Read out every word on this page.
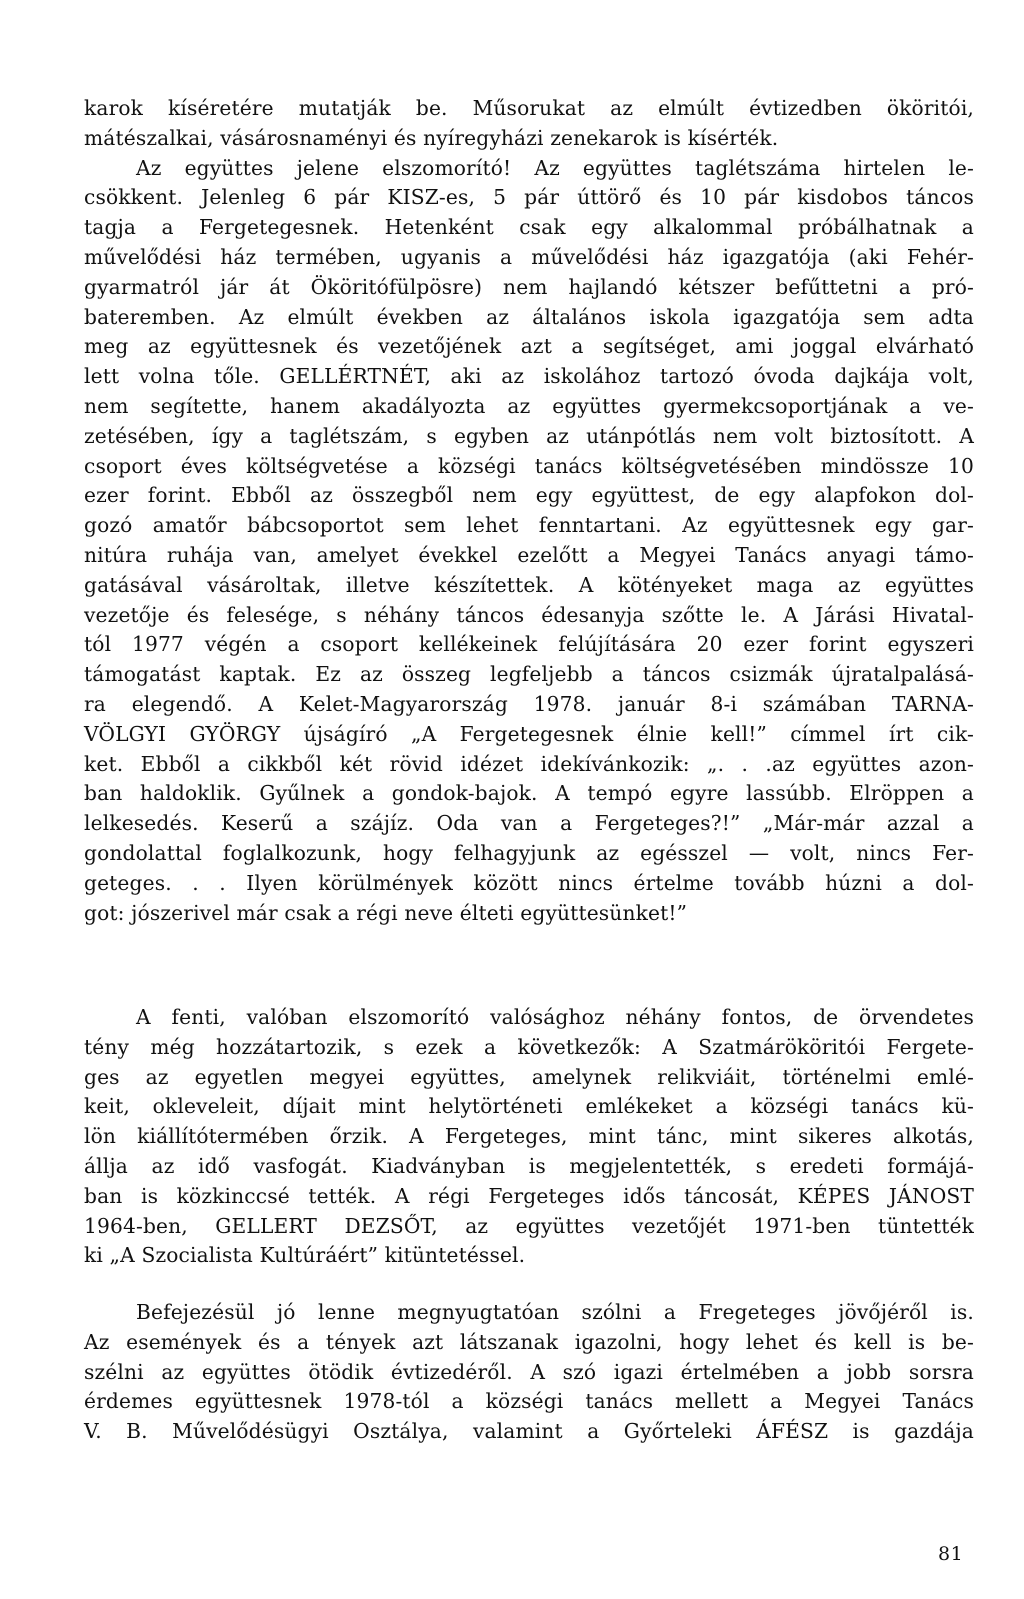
karok kíséretére mutatják be. Műsorukat az elmúlt évtizedben ököritói,
mátészalkai, vásárosnaményi és nyíregyházi zenekarok is kísérték.
Az együttes jelene elszomorító! Az együttes taglétszáma hirtelen le-
csökkent. Jelenleg 6 pár KISZ-es, 5 pár úttörő és 10 pár kisdobos táncos
tagja a Fergetegesnek. Hetenként csak egy alkalommal próbálhatnak a
művelődési ház termében, ugyanis a művelődési ház igazgatója (aki Fehér-
gyarmatról jár át Ököritófülpösre) nem hajlandó kétszer befűttetni a pró-
bateremben. Az elmúlt években az általános iskola igazgatója sem adta
meg az együttesnek és vezetőjének azt a segítséget, ami joggal elvárható
lett volna tőle. GELLÉRTNÉT, aki az iskolához tartozó óvoda dajkája volt,
nem segítette, hanem akadályozta az együttes gyermekcsoportjának a ve-
zetésében, így a taglétszám, s egyben az utánpótlás nem volt biztosított. A
csoport éves költségvetése a községi tanács költségvetésében mindössze 10
ezer forint. Ebből az összegből nem egy együttest, de egy alapfokon dol-
gozó amatőr bábcsoportot sem lehet fenntartani. Az együttesnek egy gar-
nitúra ruhája van, amelyet évekkel ezelőtt a Megyei Tanács anyagi támo-
gatásával vásároltak, illetve készítettek. A kötényeket maga az együttes
vezetője és felesége, s néhány táncos édesanyja szőtte le. A Járási Hivatal-
tól 1977 végén a csoport kellékeinek felújítására 20 ezer forint egyszeri
támogatást kaptak. Ez az összeg legfeljebb a táncos csizmák újratalpalásá-
ra elegendő. A Kelet-Magyarország 1978. január 8-i számában TARNA-
VÖLGYI GYÖRGY újságíró „A Fergetegesnek élnie kell!” címmel írt cik-
ket. Ebből a cikkből két rövid idézet idekívánkozik: „. . .az együttes azon-
ban haldoklik. Gyűlnek a gondok-bajok. A tempó egyre lassúbb. Elröppen a
lelkesedés. Keserű a szájíz. Oda van a Fergeteges?!” „Már-már azzal a
gondolattal foglalkozunk, hogy felhagyjunk az egésszel — volt, nincs Fer-
geteges. . . Ilyen körülmények között nincs értelme tovább húzni a dol-
got: jószerivel már csak a régi neve élteti együttesünket!”
A fenti, valóban elszomorító valósághoz néhány fontos, de örvendetes
tény még hozzátartozik, s ezek a következők: A Szatmárököritói Fergete-
ges az egyetlen megyei együttes, amelynek relikviáit, történelmi emlé-
keit, okleveleit, díjait mint helytörténeti emlékeket a községi tanács kü-
lön kiállítótermében őrzik. A Fergeteges, mint tánc, mint sikeres alkotás,
állja az idő vasfogát. Kiadványban is megjelentették, s eredeti formájá-
ban is közkinccsé tették. A régi Fergeteges idős táncosát, KÉPES JÁNOST
1964-ben, GELLERT DEZSŐT, az együttes vezetőjét 1971-ben tüntették
ki „A Szocialista Kultúráért” kitüntetéssel.
Befejezésül jó lenne megnyugtatóan szólni a Fregeteges jövőjéről is.
Az események és a tények azt látszanak igazolni, hogy lehet és kell is be-
szélni az együttes ötödik évtizedéről. A szó igazi értelmében a jobb sorsra
érdemes együttesnek 1978-tól a községi tanács mellett a Megyei Tanács
V. B. Művelődésügyi Osztálya, valamint a Győrteleki ÁFÉSZ is gazdája
81
